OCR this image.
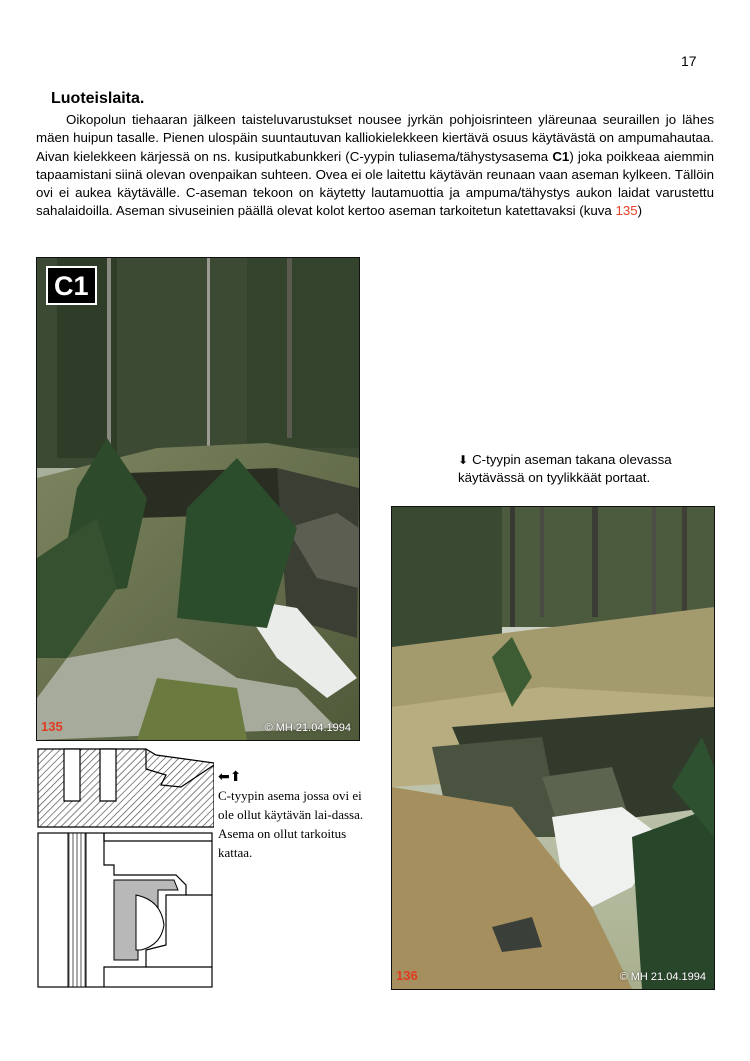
17
Luoteislaita.

Oikopolun tiehaaran jälkeen taisteluvarustukset nousee jyrkän pohjoisrinteen yläreunaa seuraillen jo lähes mäen huipun tasalle. Pienen ulospäin suuntautuvan kalliokielekkeen kiertävä osuus käytävästä on ampumahautaa. Aivan kielekkeen kärjessä on ns. kusiputkabunkkeri (C-yypin tuliasema/tähystysasema C1) joka poikkeaa aiemmin tapaamistani siinä olevan ovenpaikan suhteen. Ovea ei ole laitettu käytävän reunaan vaan aseman kylkeen. Tällöin ovi ei aukea käytävälle. C-aseman tekoon on käytetty lautamuottia ja ampuma/tähystys aukon laidat varustettu sahalaidoilla. Aseman sivuseinien päällä olevat kolot kertoo aseman tarkoitetun katettavaksi (kuva 135)

C1
135	© MH 21.04.1994
⬇ C-tyypin aseman takana olevassa käytävässä on tyylikkäät portaat.
136	© MH 21.04.1994
⬅⬆
C-tyypin asema jossa ovi ei ole ollut käytävän lai-dassa. Asema on ollut tarkoitus kattaa.
